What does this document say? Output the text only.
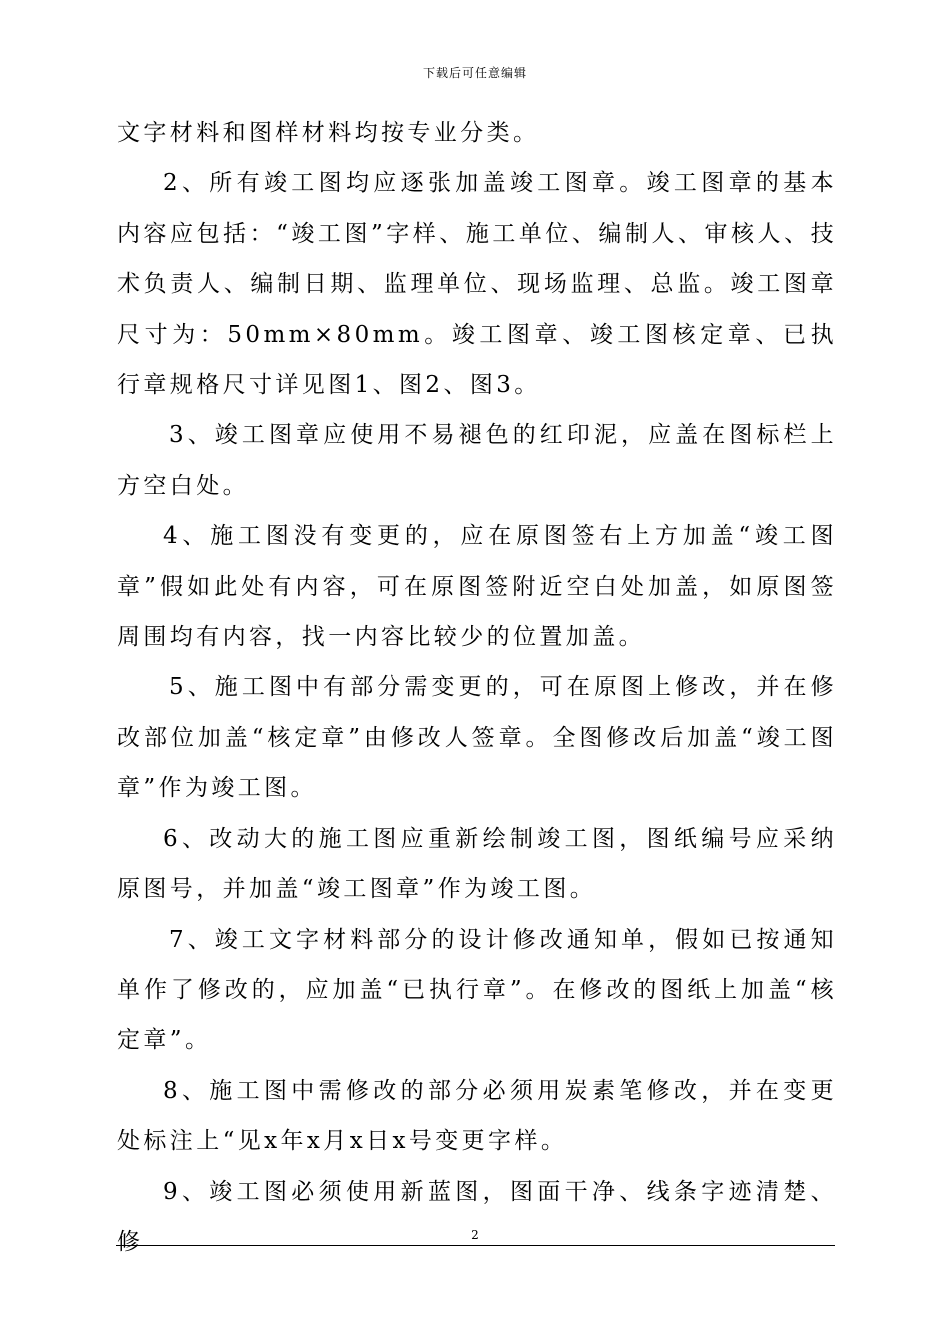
下载后可任意编辑

文字材料和图样材料均按专业分类。

2、所有竣工图均应逐张加盖竣工图章。竣工图章的基本内容应包括：“竣工图”字样、施工单位、编制人、审核人、技术负责人、编制日期、监理单位、现场监理、总监。竣工图章尺寸为：50mm×80mm。竣工图章、竣工图核定章、已执行章规格尺寸详见图1、图2、图3。

3、竣工图章应使用不易褪色的红印泥，应盖在图标栏上方空白处。

4、施工图没有变更的，应在原图签右上方加盖“竣工图章”假如此处有内容，可在原图签附近空白处加盖，如原图签周围均有内容，找一内容比较少的位置加盖。

5、施工图中有部分需变更的，可在原图上修改，并在修改部位加盖“核定章”由修改人签章。全图修改后加盖“竣工图章”作为竣工图。

6、改动大的施工图应重新绘制竣工图，图纸编号应采纳原图号，并加盖“竣工图章”作为竣工图。

7、竣工文字材料部分的设计修改通知单，假如已按通知单作了修改的，应加盖“已执行章”。在修改的图纸上加盖“核定章”。

8、施工图中需修改的部分必须用炭素笔修改，并在变更处标注上“见x年x月x日x号变更字样。

9、竣工图必须使用新蓝图，图面干净、线条字迹清楚、修	2
